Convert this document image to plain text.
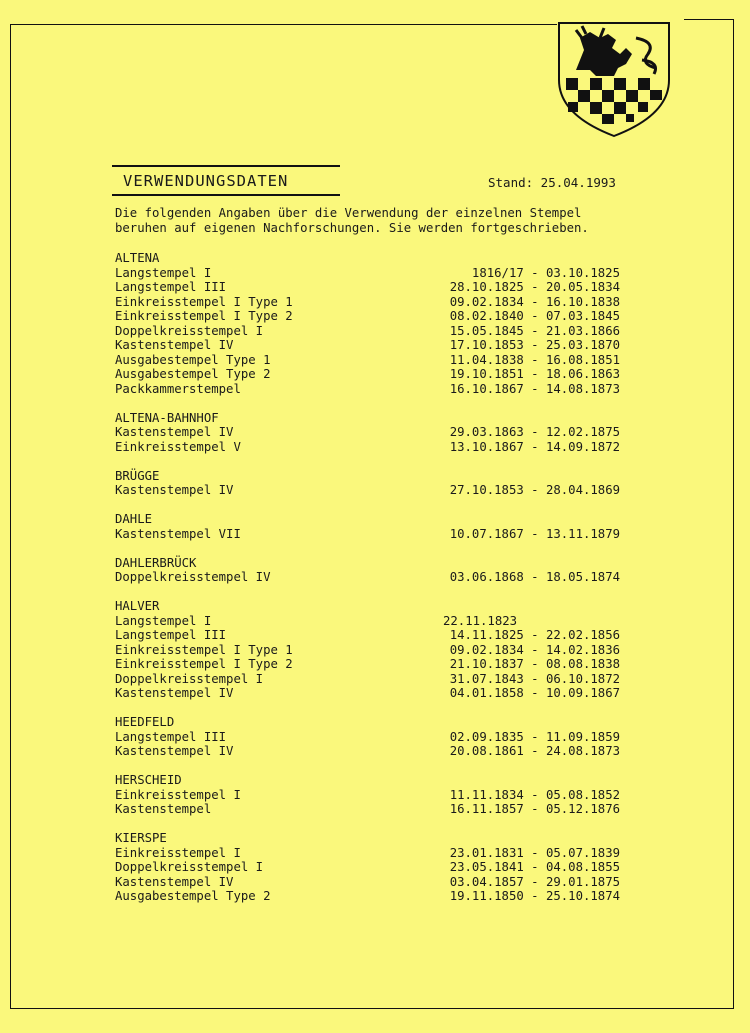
VERWENDUNGSDATEN	Stand: 25.04.1993
Die folgenden Angaben über die Verwendung der einzelnen Stempel
beruhen auf eigenen Nachforschungen. Sie werden fortgeschrieben.
ALTENA
Langstempel I	1816/17 - 03.10.1825
Langstempel III	28.10.1825 - 20.05.1834
Einkreisstempel I Type 1	09.02.1834 - 16.10.1838
Einkreisstempel I Type 2	08.02.1840 - 07.03.1845
Doppelkreisstempel I	15.05.1845 - 21.03.1866
Kastenstempel IV	17.10.1853 - 25.03.1870
Ausgabestempel Type 1	11.04.1838 - 16.08.1851
Ausgabestempel Type 2	19.10.1851 - 18.06.1863
Packkammerstempel	16.10.1867 - 14.08.1873
ALTENA-BAHNHOF
Kastenstempel IV	29.03.1863 - 12.02.1875
Einkreisstempel V	13.10.1867 - 14.09.1872
BRÜGGE
Kastenstempel IV	27.10.1853 - 28.04.1869
DAHLE
Kastenstempel VII	10.07.1867 - 13.11.1879
DAHLERBRÜCK
Doppelkreisstempel IV	03.06.1868 - 18.05.1874
HALVER
Langstempel I	22.11.1823
Langstempel III	14.11.1825 - 22.02.1856
Einkreisstempel I Type 1	09.02.1834 - 14.02.1836
Einkreisstempel I Type 2	21.10.1837 - 08.08.1838
Doppelkreisstempel I	31.07.1843 - 06.10.1872
Kastenstempel IV	04.01.1858 - 10.09.1867
HEEDFELD
Langstempel III	02.09.1835 - 11.09.1859
Kastenstempel IV	20.08.1861 - 24.08.1873
HERSCHEID
Einkreisstempel I	11.11.1834 - 05.08.1852
Kastenstempel	16.11.1857 - 05.12.1876
KIERSPE
Einkreisstempel I	23.01.1831 - 05.07.1839
Doppelkreisstempel I	23.05.1841 - 04.08.1855
Kastenstempel IV	03.04.1857 - 29.01.1875
Ausgabestempel Type 2	19.11.1850 - 25.10.1874
